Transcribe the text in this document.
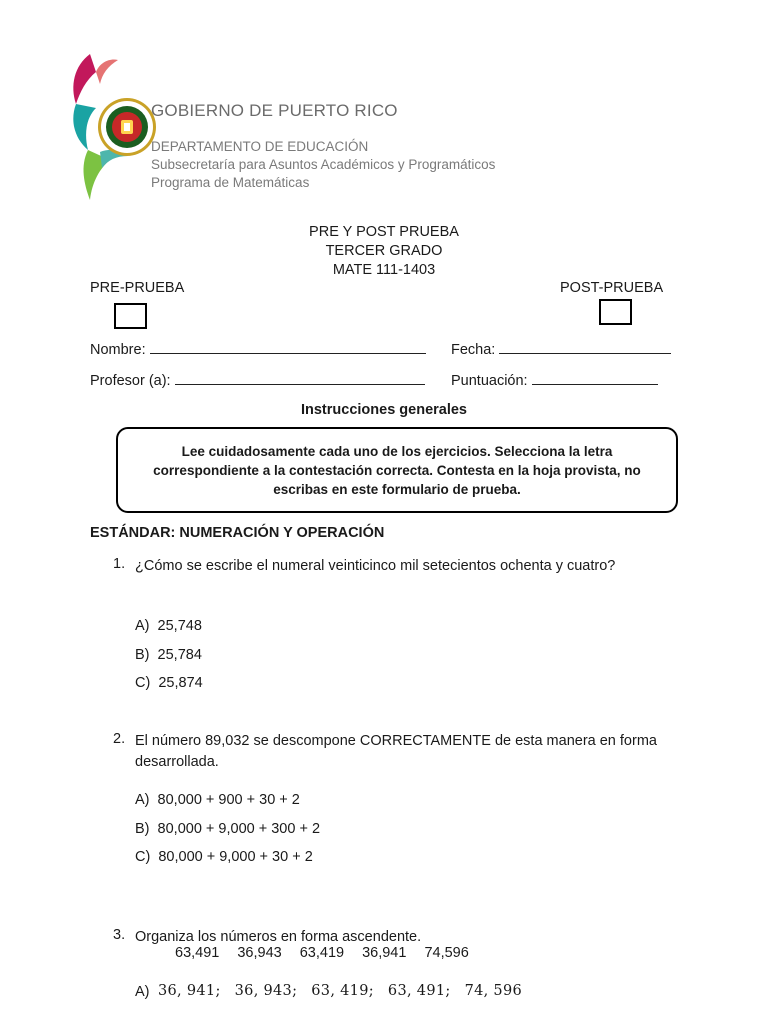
GOBIERNO DE PUERTO RICO
DEPARTAMENTO DE EDUCACIÓN
Subsecretaría para Asuntos Académicos y Programáticos
Programa de Matemáticas
PRE Y POST PRUEBA
TERCER GRADO
MATE 111-1403
PRE-PRUEBA	POST-PRUEBA
Nombre:	Fecha:
Profesor (a):	Puntuación:
Instrucciones generales
Lee cuidadosamente cada uno de los ejercicios. Selecciona la letra correspondiente a la contestación correcta. Contesta en la hoja provista, no escribas en este formulario de prueba.
ESTÁNDAR: NUMERACIÓN Y OPERACIÓN
1. ¿Cómo se escribe el numeral veinticinco mil setecientos ochenta y cuatro?
A)  25,748
B)  25,784
C)  25,874
2. El número 89,032 se descompone CORRECTAMENTE de esta manera en forma desarrollada.
A)  80,000 + 900 + 30 + 2
B)  80,000 + 9,000 + 300 + 2
C)  80,000 + 9,000 + 30 + 2
3. Organiza los números en forma ascendente.
63,491 36,943 63,419 36,941 74,596
A) 36, 941; 36, 943; 63, 419; 63, 491; 74, 596
